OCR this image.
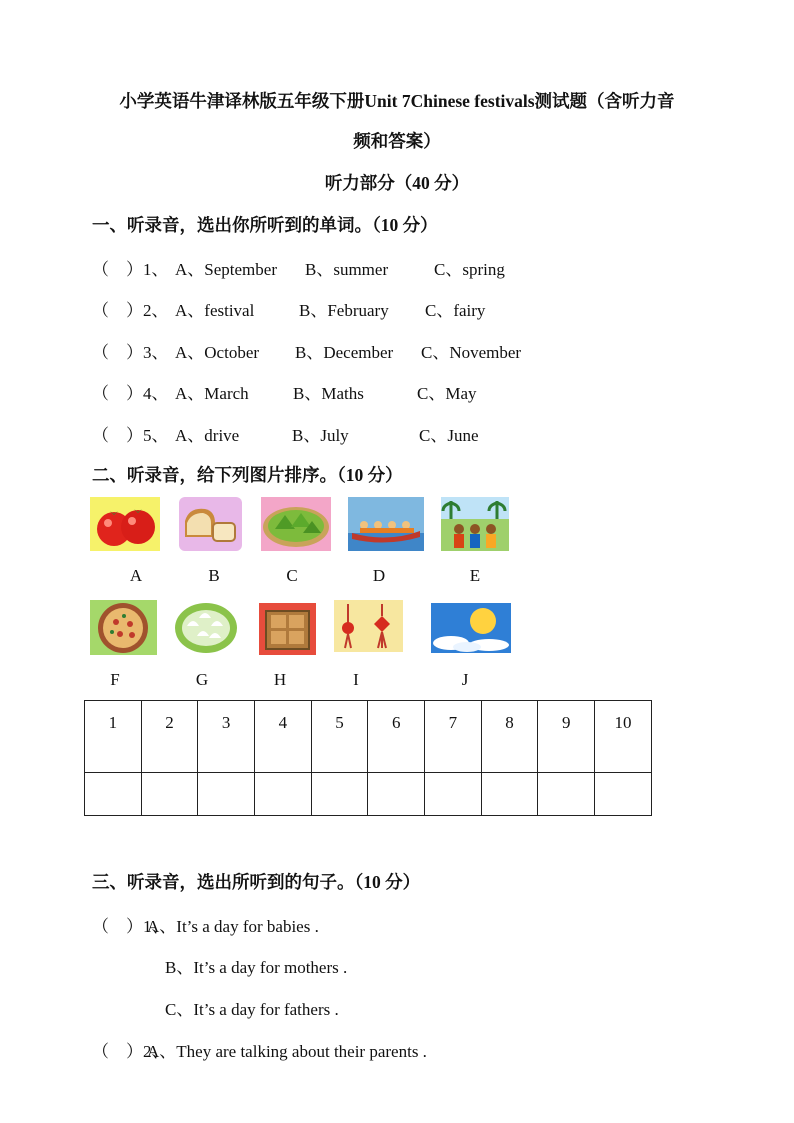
小学英语牛津译林版五年级下册Unit 7Chinese festivals测试题（含听力音
频和答案）
听力部分（40 分）
一、听录音，选出你所听到的单词。（10 分）
（　）1、 A、September B、summer	C、spring
（　）2、 A、festival	B、February C、fairy
（　）3、 A、October B、December C、November
（　）4、 A、March	B、Maths	C、May
（　）5、 A、drive	B、July	C、June
二、听录音，给下列图片排序。（10 分）
A	B	C	D	E
F	G	H	I	J
1	2	3	4	5	6	7	8	9	10

三、听录音，选出所听到的句子。（10 分）
（　）1、
A、It’s a day for babies .
B、It’s a day for mothers .
C、It’s a day for fathers .
（　）2、
A、They are talking about their parents .
